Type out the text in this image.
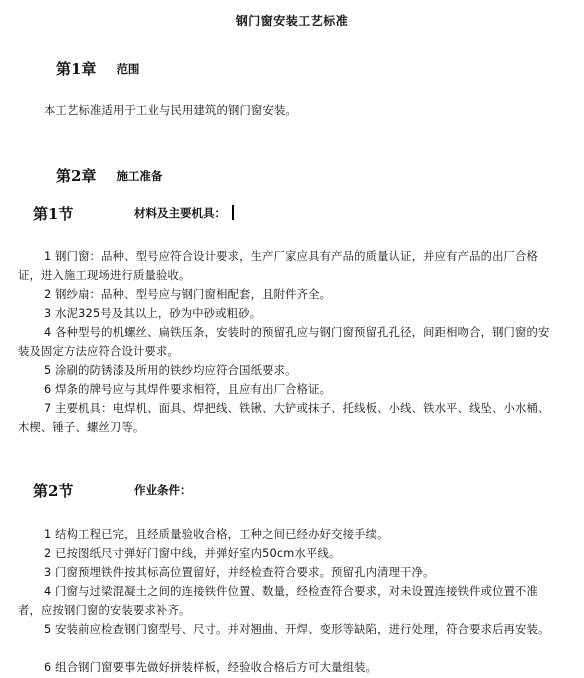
钢门窗安装工艺标准
第1章 范围

本工艺标准适用于工业与民用建筑的钢门窗安装。

第2章 施工准备
第1节	材料及主要机具：

1 钢门窗：品种、型号应符合设计要求，生产厂家应具有产品的质量认证，并应有产品的出厂合格证，进入施工现场进行质量验收。

2 钢纱扇：品种、型号应与钢门窗相配套，且附件齐全。

3 水泥325号及其以上，砂为中砂或粗砂。

4 各种型号的机螺丝、扁铁压条，安装时的预留孔应与钢门窗预留孔孔径，间距相吻合，钢门窗的安装及固定方法应符合设计要求。

5 涂刷的防锈漆及所用的铁纱均应符合国纸要求。

6 焊条的牌号应与其焊件要求相符，且应有出厂合格证。

7 主要机具：电焊机、面具、焊把线、铁锹、大铲或抹子、托线板、小线、铁水平、线坠、小水桶、木楔、锤子、螺丝刀等。

第2节	作业条件：

1 结构工程已完，且经质量验收合格，工种之间已经办好交接手续。

2 已按图纸尺寸弹好门窗中线，并弹好室内50cm水平线。

3 门窗预埋铁件按其标高位置留好，并经检查符合要求。预留孔内清理干净。

4 门窗与过梁混凝土之间的连接铁件位置、数量，经检查符合要求，对未设置连接铁件或位置不准者，应按钢门窗的安装要求补齐。

5 安装前应检查钢门窗型号、尺寸。并对翘曲、开焊、变形等缺陷，进行处理，符合要求后再安装。

6 组合钢门窗要事先做好拼装样板，经验收合格后方可大量组装。
